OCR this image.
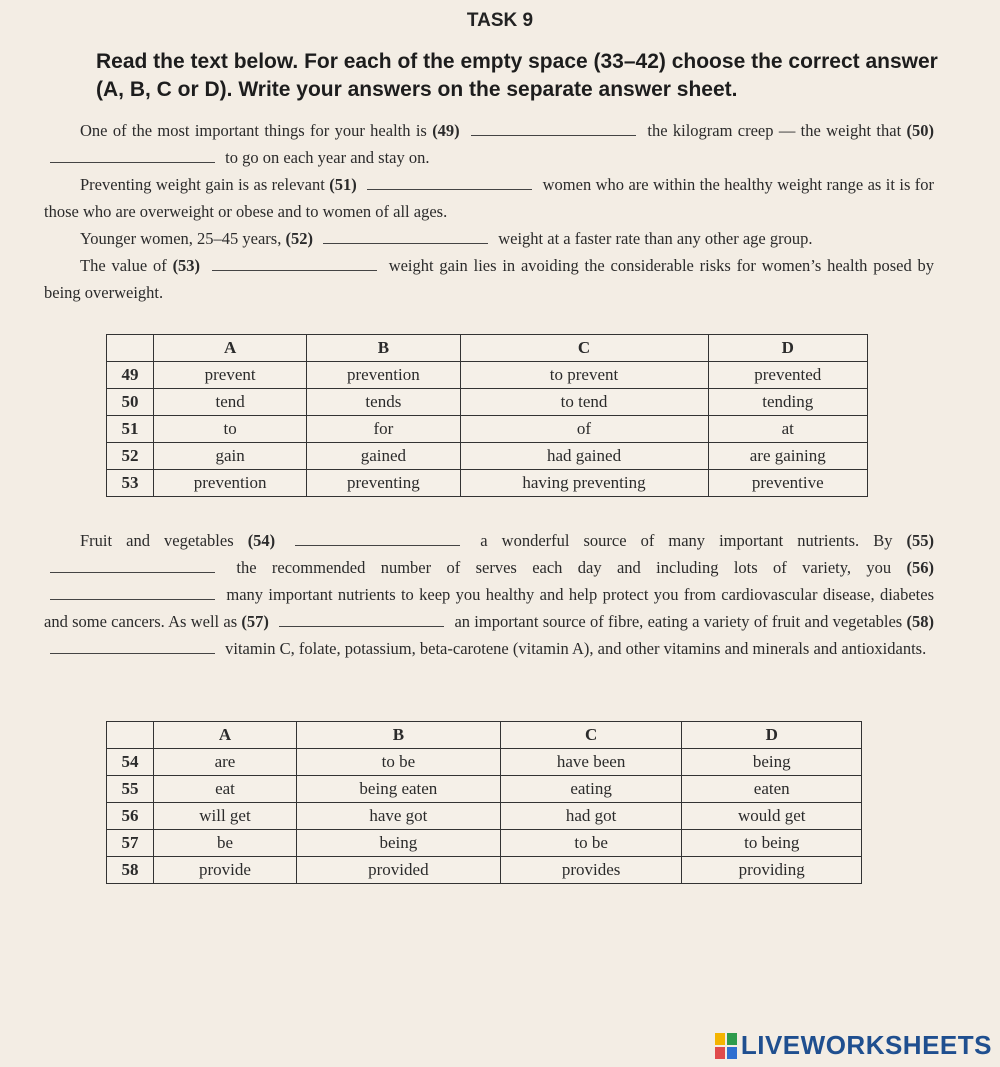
TASK 9
Read the text below. For each of the empty space (33–42) choose the correct answer (A, B, C or D). Write your answers on the separate answer sheet.

One of the most important things for your health is (49)	the kilogram creep — the weight that (50)  to go on each year and stay on.

Preventing weight gain is as relevant (51)	women who are within the healthy weight range as it is for those who are overweight or obese and to women of all ages.

Younger women, 25–45 years, (52)	weight at a faster rate than any other age group.

The value of (53)	weight gain lies in avoiding the considerable risks for women’s health posed by being overweight.

	A	B	C	D
49	prevent	prevention	to prevent	prevented
50	tend	tends	to tend	tending
51	to	for	of	at
52	gain	gained	had gained	are gaining
53	prevention	preventing	having preventing	preventive

Fruit and vegetables (54)	a wonderful source of many important nutrients. By (55)  the recommended number of serves each day and including lots of variety, you (56)  many important nutrients to keep you healthy and help protect you from cardiovascular disease, diabetes and some cancers. As well as (57)	an important source of fibre, eating a variety of fruit and vegetables (58)  vitamin C, folate, potassium, beta-carotene (vitamin A), and other vitamins and minerals and antioxidants.

	A	B	C	D
54	are	to be	have been	being
55	eat	being eaten	eating	eaten
56	will get	have got	had got	would get
57	be	being	to be	to being
58	provide	provided	provides	providing
LIVEWORKSHEETS
